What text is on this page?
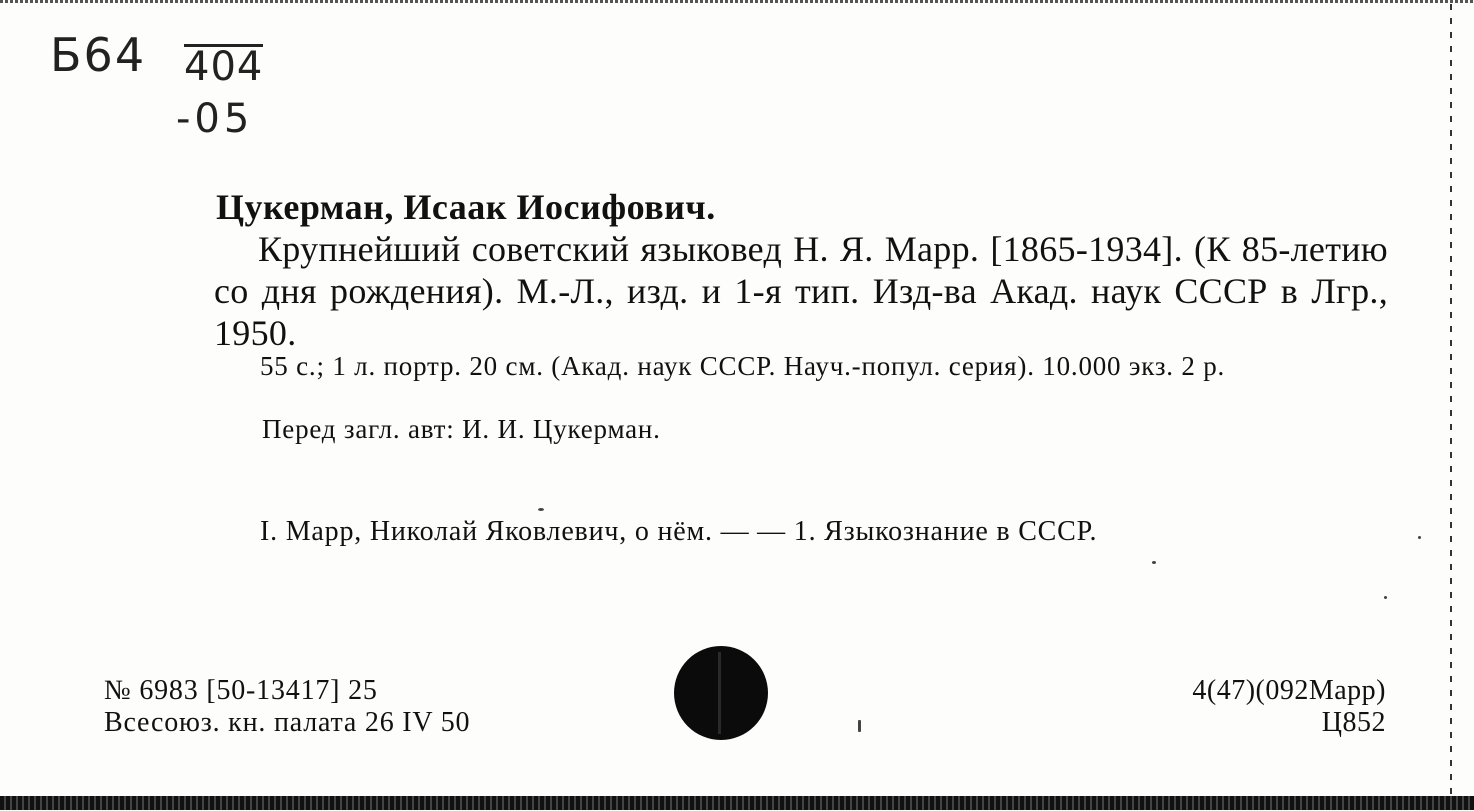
Б64 404
-05
Цукерман, Исаак Иосифович.
Крупнейший советский языковед Н. Я. Марр. [1865-1934]. (К 85-летию со дня рождения). М.-Л., изд. и 1-я тип. Изд-ва Акад. наук СССР в Лгр., 1950.
55 с.; 1 л. портр. 20 см. (Акад. наук СССР. Науч.-попул. серия). 10.000 экз. 2 р.
Перед загл. авт: И. И. Цукерман.
I. Марр, Николай Яковлевич, о нём. — — 1. Языкознание в СССР.
№ 6983 [50-13417] 25
Всесоюз. кн. палата 26 IV 50
4(47)(092Марр)
Ц852
